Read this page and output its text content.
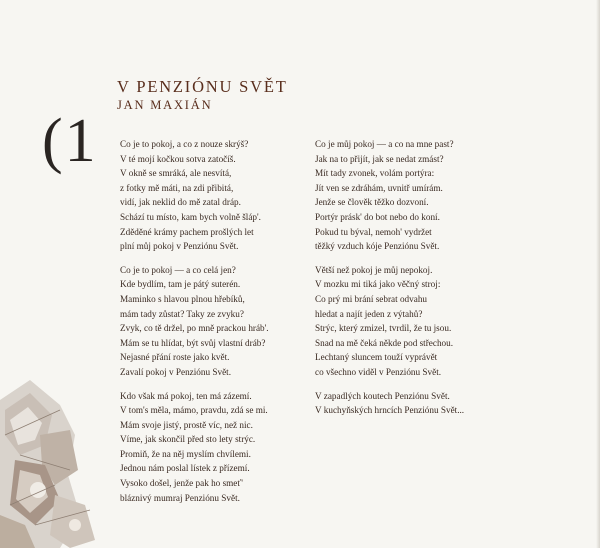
(1
V PENZIÓNU SVĚT
JAN MAXIÁN
Co je to pokoj, a co z nouze skrýš?
V té mojí kočkou sotva zatočíš.
V okně se smráká, ale nesvítá,
z fotky mě máti, na zdi přibitá,
vidí, jak neklid do mě zatal dráp.
Schází tu místo, kam bych volně šláp'.
Zděděné krámy pachem prošlých let
plní můj pokoj v Penziónu Svět.
Co je to pokoj — a co celá jen?
Kde bydlím, tam je pátý suterén.
Maminko s hlavou plnou hřebíků,
mám tady zůstat? Taky ze zvyku?
Zvyk, co tě držel, po mně prackou hráb'.
Mám se tu hlídat, být svůj vlastní dráb?
Nejasné přání roste jako květ.
Zavalí pokoj v Penziónu Svět.
Kdo však má pokoj, ten má zázemí.
V tom's měla, mámo, pravdu, zdá se mi.
Mám svoje jistý, prostě víc, než nic.
Víme, jak skončil před sto lety strýc.
Promiň, že na něj myslím chvílemi.
Jednou nám poslal lístek z přízemí.
Vysoko došel, jenže pak ho smeť'
bláznivý mumraj Penziónu Svět.
Co je můj pokoj — a co na mne past?
Jak na to přijít, jak se nedat zmást?
Mít tady zvonek, volám portýra:
Jít ven se zdráhám, uvnitř umírám.
Jenže se člověk těžko dozvoní.
Portýr prásk' do bot nebo do koní.
Pokud tu býval, nemoh' vydržet
těžký vzduch kóje Penziónu Svět.
Větší než pokoj je můj nepokoj.
V mozku mi tiká jako věčný stroj:
Co prý mi brání sebrat odvahu
hledat a najít jeden z výtahů?
Strýc, který zmizel, tvrdil, že tu jsou.
Snad na mě čeká někde pod střechou.
Lechtaný sluncem touží vyprávět
co všechno viděl v Penziónu Svět.
V zapadlých koutech Penziónu Svět.
V kuchyňských hrncích Penziónu Svět...
